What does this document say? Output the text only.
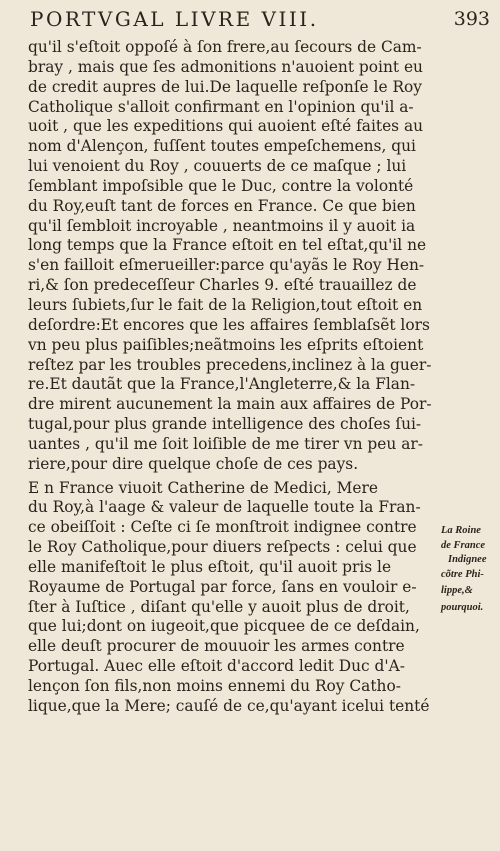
PORTVGAL LIVRE VIII.	393
qu'il s'eſtoit oppoſé à ſon frere,au ſecours de Cam-
bray , mais que ſes admonitions n'auoient point eu
de credit aupres de lui.De laquelle reſponſe le Roy
Catholique s'alloit confirmant en l'opinion qu'il a-
uoit , que les expeditions qui auoient eſté faites au
nom d'Alençon, fuſſent toutes empeſchemens, qui
lui venoient du Roy , couuerts de ce maſque ; lui
ſemblant impoſsible que le Duc, contre la volonté
du Roy,euſt tant de forces en France. Ce que bien
qu'il ſembloit incroyable , neantmoins il y auoit ia
long temps que la France eſtoit en tel eſtat,qu'il ne
s'en failloit eſmerueiller:parce qu'ayãs le Roy Hen-
ri,& ſon predeceſſeur Charles 9. eſté trauaillez de
leurs ſubiets,ſur le fait de la Religion,tout eſtoit en
deſordre:Et encores que les affaires ſemblaſsẽt lors
vn peu plus paiſibles;neãtmoins les eſprits eſtoient
reſtez par les troubles precedens,inclinez à la guer-
re.Et dautãt que la France,l'Angleterre,& la Flan-
dre mirent aucunement la main aux affaires de Por-
tugal,pour plus grande intelligence des choſes ſui-
uantes , qu'il me ſoit loiſible de me tirer vn peu ar-
riere,pour dire quelque choſe de ces pays.
E n France viuoit Catherine de Medici, Mere
du Roy,à l'aage & valeur de laquelle toute la Fran-
ce obeiſſoit : Ceſte ci ſe monſtroit indignee contre
le Roy Catholique,pour diuers reſpects : celui que
elle manifeſtoit le plus eſtoit, qu'il auoit pris le
Royaume de Portugal par force, ſans en vouloir e-
ſter à Iuſtice , diſant qu'elle y auoit plus de droit,
que lui;dont on iugeoit,que picquee de ce deſdain,
elle deuſt procurer de mouuoir les armes contre
Portugal. Auec elle eſtoit d'accord ledit Duc d'A-
lençon ſon fils,non moins ennemi du Roy Catho-
lique,que la Mere; cauſé de ce,qu'ayant icelui tenté
La Roine
de France
Indignee
cõtre Phi-
lippe,&
pourquoi.
